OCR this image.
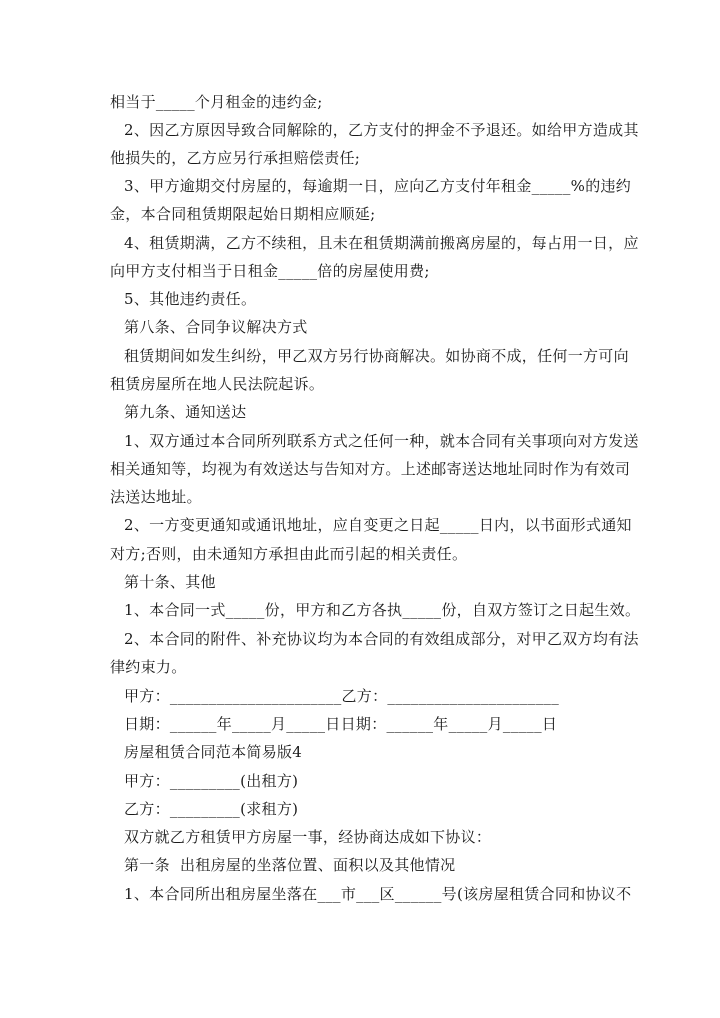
相当于_____个月租金的违约金;
2、因乙方原因导致合同解除的，乙方支付的押金不予退还。如给甲方造成其
他损失的，乙方应另行承担赔偿责任;
3、甲方逾期交付房屋的，每逾期一日，应向乙方支付年租金_____%的违约
金，本合同租赁期限起始日期相应顺延;
4、租赁期满，乙方不续租，且未在租赁期满前搬离房屋的，每占用一日，应
向甲方支付相当于日租金_____倍的房屋使用费;
5、其他违约责任。
第八条、合同争议解决方式
租赁期间如发生纠纷，甲乙双方另行协商解决。如协商不成，任何一方可向
租赁房屋所在地人民法院起诉。
第九条、通知送达
1、双方通过本合同所列联系方式之任何一种，就本合同有关事项向对方发送
相关通知等，均视为有效送达与告知对方。上述邮寄送达地址同时作为有效司
法送达地址。
2、一方变更通知或通讯地址，应自变更之日起_____日内，以书面形式通知
对方;否则，由未通知方承担由此而引起的相关责任。
第十条、其他
1、本合同一式_____份，甲方和乙方各执_____份，自双方签订之日起生效。
2、本合同的附件、补充协议均为本合同的有效组成部分，对甲乙双方均有法
律约束力。
甲方：______________________乙方：______________________
日期：______年_____月_____日日期：______年_____月_____日
房屋租赁合同范本简易版4
甲方：_________(出租方)
乙方：_________(求租方)
双方就乙方租赁甲方房屋一事，经协商达成如下协议：
第一条  出租房屋的坐落位置、面积以及其他情况
1、本合同所出租房屋坐落在___市___区______号(该房屋租赁合同和协议不
